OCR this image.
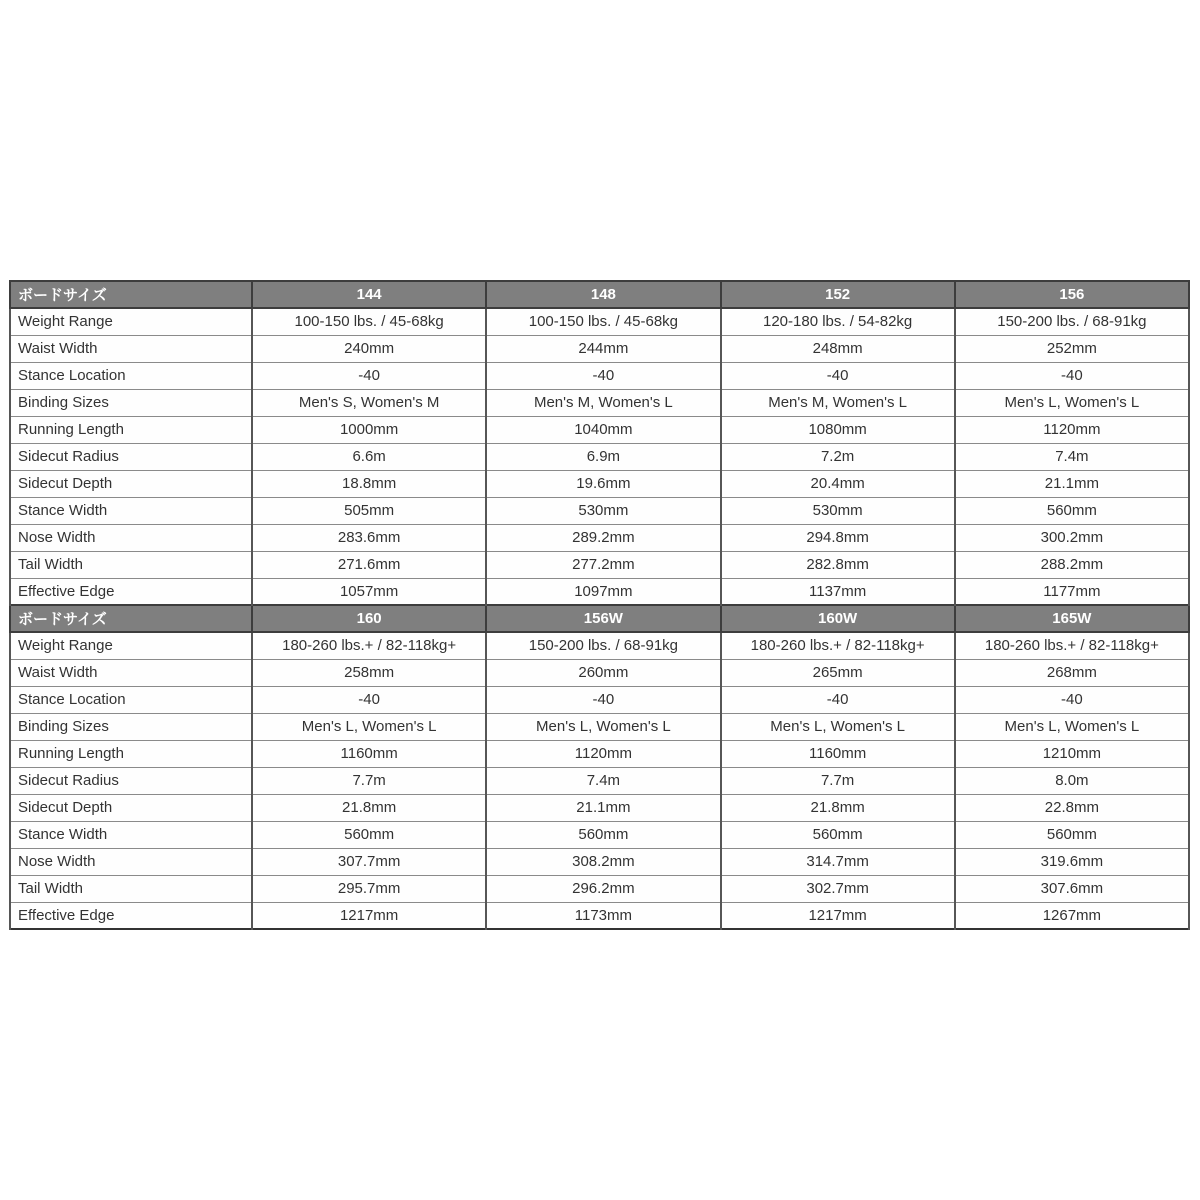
ボードサイズ	144	148	152	156
Weight Range	100-150 lbs. / 45-68kg	100-150 lbs. / 45-68kg	120-180 lbs. / 54-82kg	150-200 lbs. / 68-91kg
Waist Width	240mm	244mm	248mm	252mm
Stance Location	-40	-40	-40	-40
Binding Sizes	Men's S, Women's M	Men's M, Women's L	Men's M, Women's L	Men's L, Women's L
Running Length	1000mm	1040mm	1080mm	1120mm
Sidecut Radius	6.6m	6.9m	7.2m	7.4m
Sidecut Depth	18.8mm	19.6mm	20.4mm	21.1mm
Stance Width	505mm	530mm	530mm	560mm
Nose Width	283.6mm	289.2mm	294.8mm	300.2mm
Tail Width	271.6mm	277.2mm	282.8mm	288.2mm
Effective Edge	1057mm	1097mm	1137mm	1177mm
ボードサイズ	160	156W	160W	165W
Weight Range	180-260 lbs.+ / 82-118kg+	150-200 lbs. / 68-91kg	180-260 lbs.+ / 82-118kg+	180-260 lbs.+ / 82-118kg+
Waist Width	258mm	260mm	265mm	268mm
Stance Location	-40	-40	-40	-40
Binding Sizes	Men's L, Women's L	Men's L, Women's L	Men's L, Women's L	Men's L, Women's L
Running Length	1160mm	1120mm	1160mm	1210mm
Sidecut Radius	7.7m	7.4m	7.7m	8.0m
Sidecut Depth	21.8mm	21.1mm	21.8mm	22.8mm
Stance Width	560mm	560mm	560mm	560mm
Nose Width	307.7mm	308.2mm	314.7mm	319.6mm
Tail Width	295.7mm	296.2mm	302.7mm	307.6mm
Effective Edge	1217mm	1173mm	1217mm	1267mm
